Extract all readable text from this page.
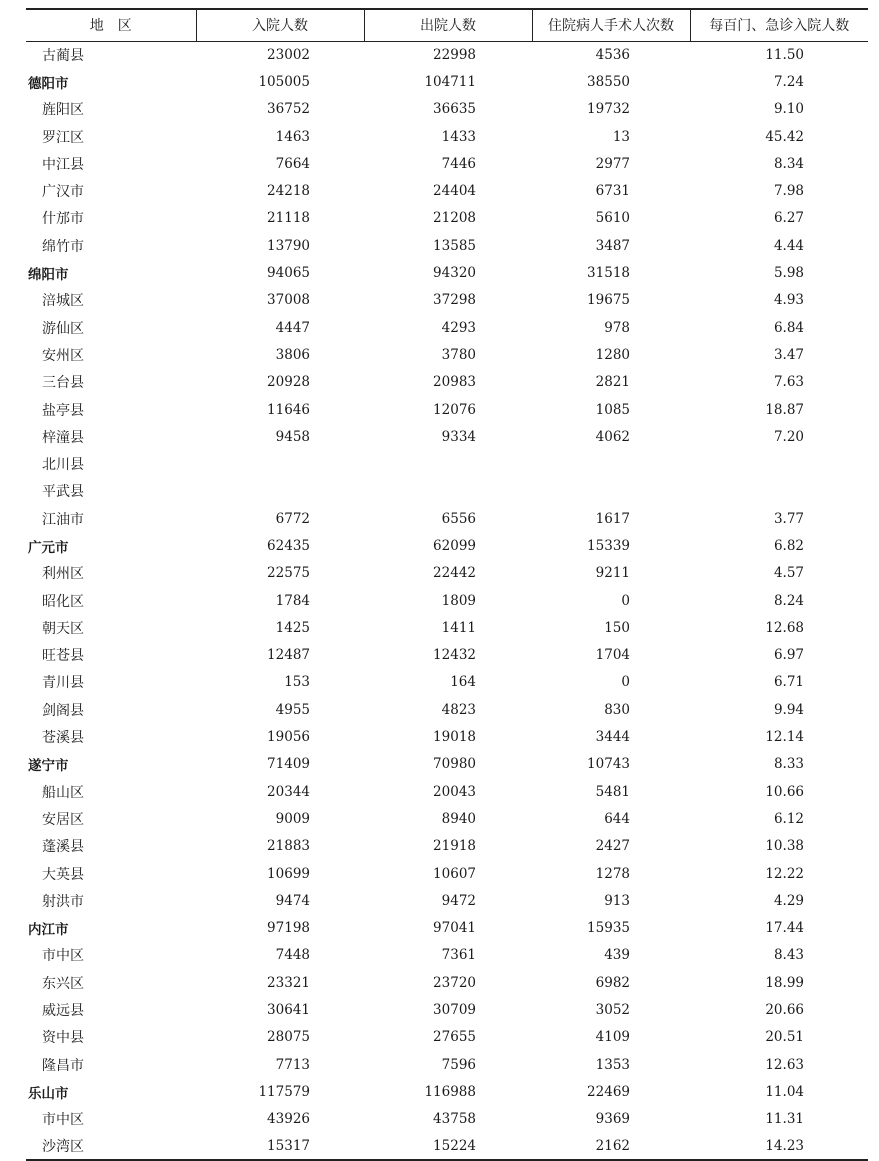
地区	入院人数	出院人数	住院病人手术人次数	每百门、急诊入院人数
古蔺县	23002	22998	4536	11.50
德阳市	105005	104711	38550	7.24
旌阳区	36752	36635	19732	9.10
罗江区	1463	1433	13	45.42
中江县	7664	7446	2977	8.34
广汉市	24218	24404	6731	7.98
什邡市	21118	21208	5610	6.27
绵竹市	13790	13585	3487	4.44
绵阳市	94065	94320	31518	5.98
涪城区	37008	37298	19675	4.93
游仙区	4447	4293	978	6.84
安州区	3806	3780	1280	3.47
三台县	20928	20983	2821	7.63
盐亭县	11646	12076	1085	18.87
梓潼县	9458	9334	4062	7.20
北川县				
平武县				
江油市	6772	6556	1617	3.77
广元市	62435	62099	15339	6.82
利州区	22575	22442	9211	4.57
昭化区	1784	1809	0	8.24
朝天区	1425	1411	150	12.68
旺苍县	12487	12432	1704	6.97
青川县	153	164	0	6.71
剑阁县	4955	4823	830	9.94
苍溪县	19056	19018	3444	12.14
遂宁市	71409	70980	10743	8.33
船山区	20344	20043	5481	10.66
安居区	9009	8940	644	6.12
蓬溪县	21883	21918	2427	10.38
大英县	10699	10607	1278	12.22
射洪市	9474	9472	913	4.29
内江市	97198	97041	15935	17.44
市中区	7448	7361	439	8.43
东兴区	23321	23720	6982	18.99
威远县	30641	30709	3052	20.66
资中县	28075	27655	4109	20.51
隆昌市	7713	7596	1353	12.63
乐山市	117579	116988	22469	11.04
市中区	43926	43758	9369	11.31
沙湾区	15317	15224	2162	14.23
